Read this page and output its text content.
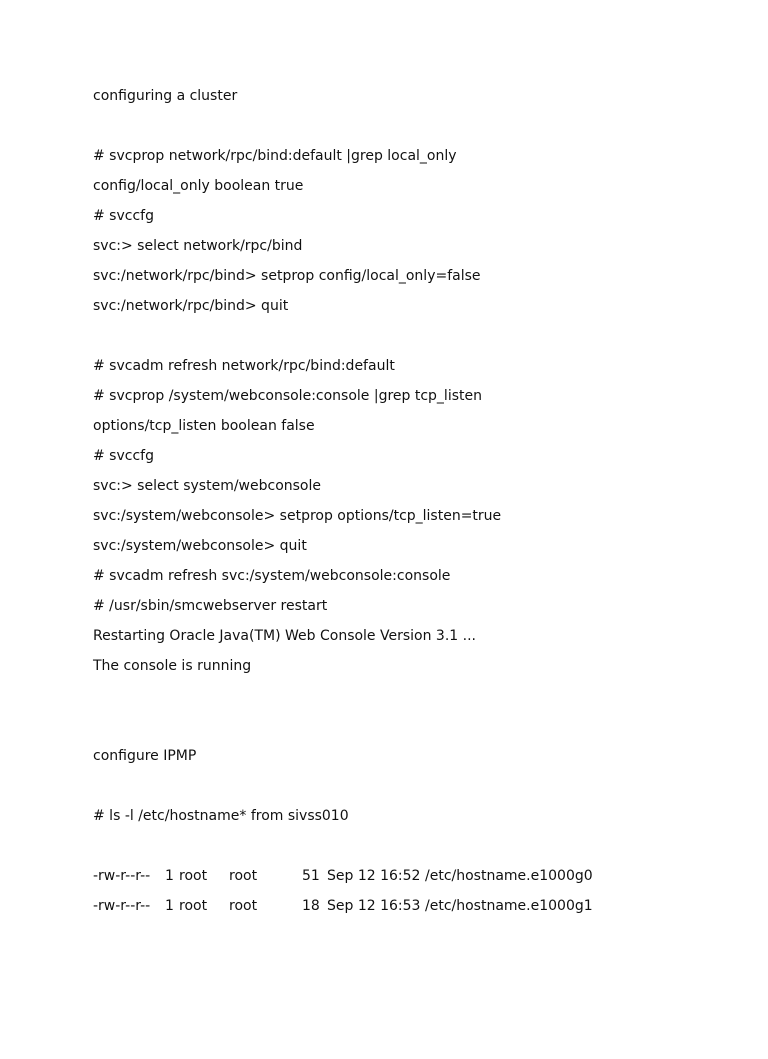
configuring a cluster
# svcprop network/rpc/bind:default |grep local_only
config/local_only boolean true
# svccfg
svc:> select network/rpc/bind
svc:/network/rpc/bind> setprop config/local_only=false
svc:/network/rpc/bind> quit
# svcadm refresh network/rpc/bind:default
# svcprop /system/webconsole:console |grep tcp_listen
options/tcp_listen boolean false
# svccfg
svc:> select system/webconsole
svc:/system/webconsole> setprop options/tcp_listen=true
svc:/system/webconsole> quit
# svcadm refresh svc:/system/webconsole:console
# /usr/sbin/smcwebserver restart
Restarting Oracle Java(TM) Web Console Version 3.1 ...
The console is running
configure IPMP
# ls -l /etc/hostname* from sivss010

-rw-r--r--

1

root

root

	51

Sep 12 16:52

/etc/hostname.e1000g0

-rw-r--r--

1

root

root

	18

Sep 12 16:53

/etc/hostname.e1000g1
